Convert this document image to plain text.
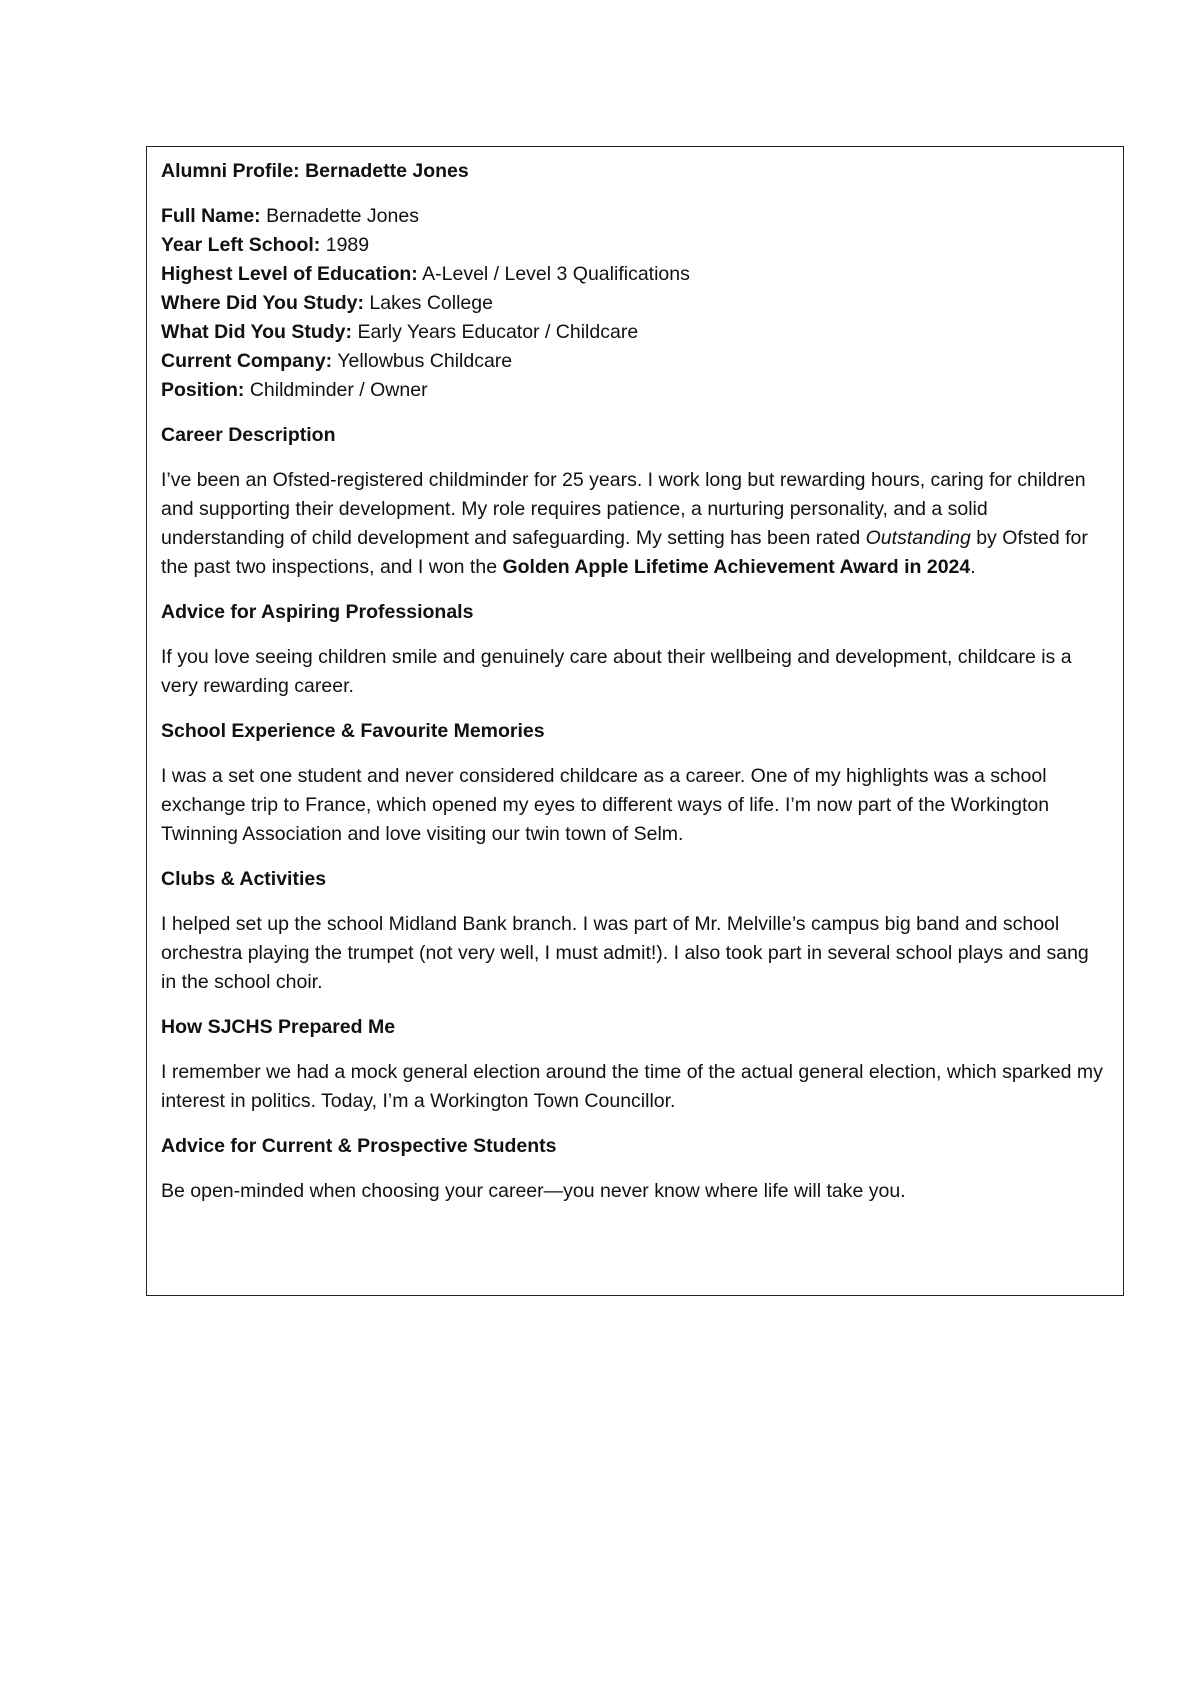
Alumni Profile: Bernadette Jones

Full Name: Bernadette Jones
Year Left School: 1989
Highest Level of Education: A-Level / Level 3 Qualifications
Where Did You Study: Lakes College
What Did You Study: Early Years Educator / Childcare
Current Company: Yellowbus Childcare
Position: Childminder / Owner

Career Description

I’ve been an Ofsted-registered childminder for 25 years. I work long but rewarding hours, caring for children and supporting their development. My role requires patience, a nurturing personality, and a solid understanding of child development and safeguarding. My setting has been rated Outstanding by Ofsted for the past two inspections, and I won the Golden Apple Lifetime Achievement Award in 2024.

Advice for Aspiring Professionals

If you love seeing children smile and genuinely care about their wellbeing and development, childcare is a very rewarding career.

School Experience & Favourite Memories

I was a set one student and never considered childcare as a career. One of my highlights was a school exchange trip to France, which opened my eyes to different ways of life. I’m now part of the Workington Twinning Association and love visiting our twin town of Selm.

Clubs & Activities

I helped set up the school Midland Bank branch. I was part of Mr. Melville’s campus big band and school orchestra playing the trumpet (not very well, I must admit!). I also took part in several school plays and sang in the school choir.

How SJCHS Prepared Me

I remember we had a mock general election around the time of the actual general election, which sparked my interest in politics. Today, I’m a Workington Town Councillor.

Advice for Current & Prospective Students

Be open-minded when choosing your career—you never know where life will take you.
